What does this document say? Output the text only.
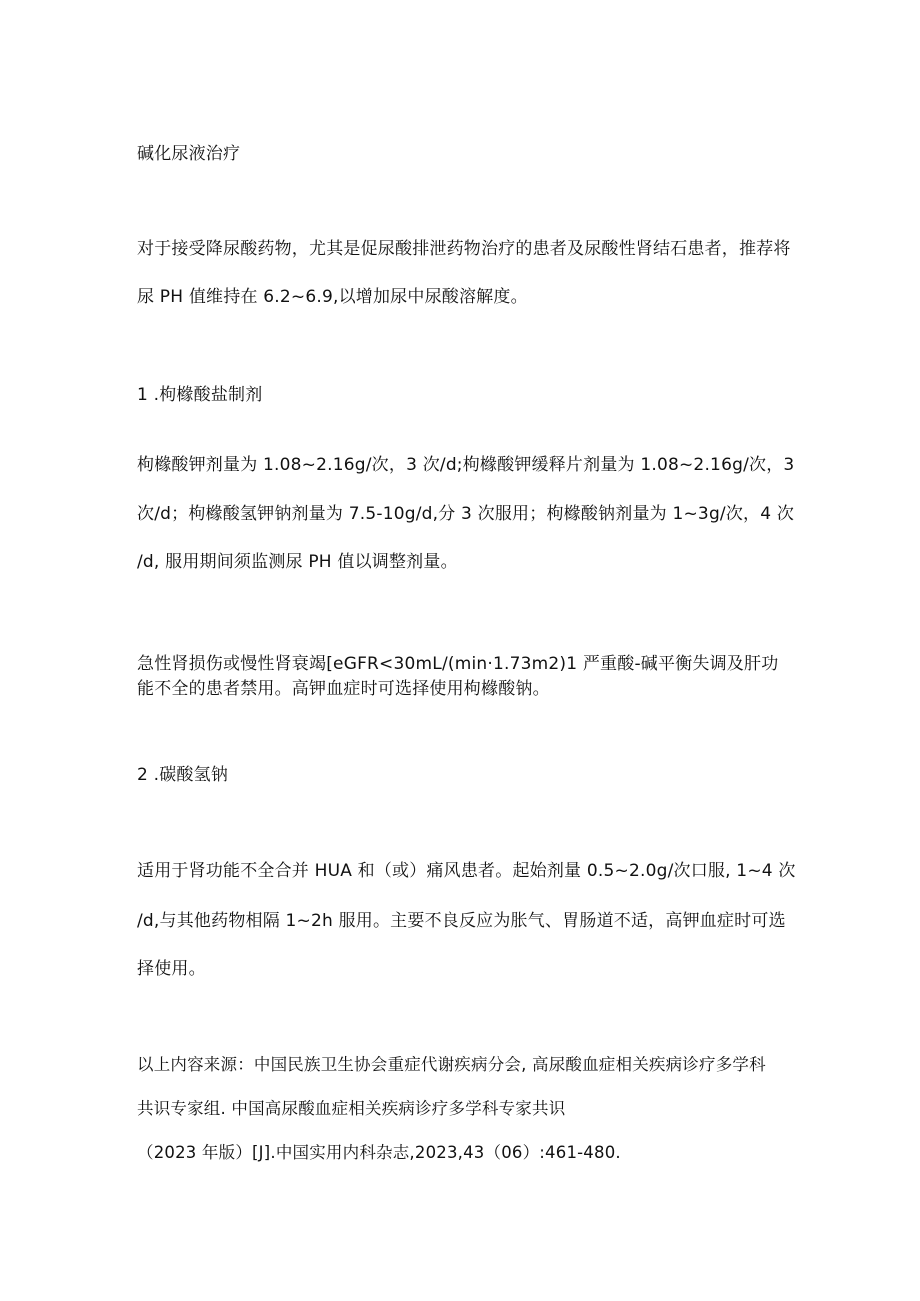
碱化尿液治疗
对于接受降尿酸药物，尤其是促尿酸排泄药物治疗的患者及尿酸性肾结石患者，推荐将
尿 PH 值维持在 6.2~6.9,以增加尿中尿酸溶解度。
1 .枸橼酸盐制剂
枸橼酸钾剂量为 1.08~2.16g/次，3 次/d;枸橼酸钾缓释片剂量为 1.08~2.16g/次，3
次/d；枸橼酸氢钾钠剂量为 7.5-10g/d,分 3 次服用；枸橼酸钠剂量为 1~3g/次，4 次
/d, 服用期间须监测尿 PH 值以调整剂量。
急性肾损伤或慢性肾衰竭[eGFR<30mL/(min·1.73m2)1 严重酸-碱平衡失调及肝功
能不全的患者禁用。高钾血症时可选择使用枸橼酸钠。
2 .碳酸氢钠
适用于肾功能不全合并 HUA 和（或）痛风患者。起始剂量 0.5~2.0g/次口服, 1~4 次
/d,与其他药物相隔 1~2h 服用。主要不良反应为胀气、胃肠道不适，高钾血症时可选
择使用。
以上内容来源：中国民族卫生协会重症代谢疾病分会, 高尿酸血症相关疾病诊疗多学科
共识专家组. 中国高尿酸血症相关疾病诊疗多学科专家共识
（2023 年版）[J].中国实用内科杂志,2023,43（06）:461-480.
